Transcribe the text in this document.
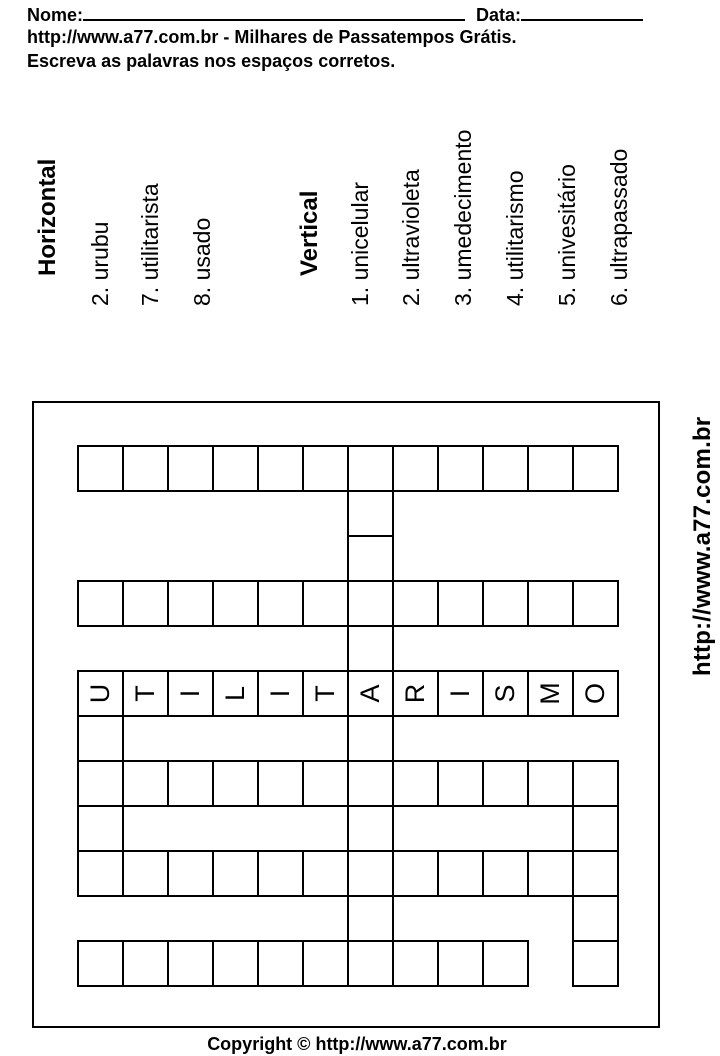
Nome:	Data:
http://www.a77.com.br - Milhares de Passatempos Grátis.
Escreva as palavras nos espaços corretos.
Horizontal 2. urubu 7. utilitarista 8. usado	Vertical 1. unicelular 2. ultravioleta 3. umedecimento 4. utilitarismo 5. univesitário 6. ultrapassado
U T I L I T A R I S M O
http://www.a77.com.br
Copyright © http://www.a77.com.br
